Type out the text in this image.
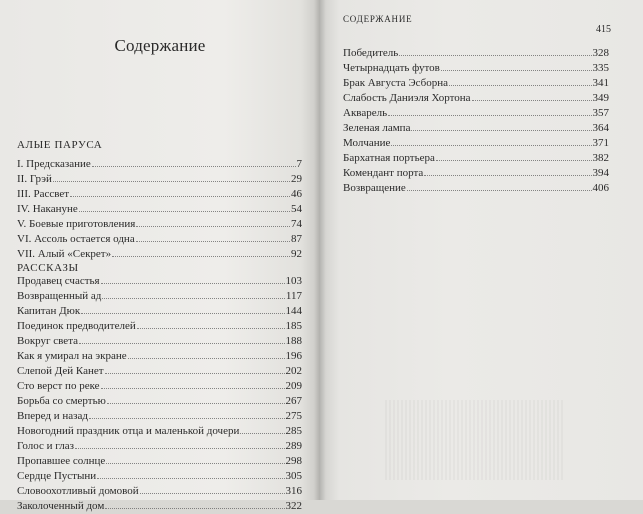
Содержание
АЛЫЕ ПАРУСА
I. Предсказание	7
II. Грэй	29
III. Рассвет	46
IV. Накануне	54
V. Боевые приготовления	74
VI. Ассоль остается одна	87
VII. Алый «Секрет»	92
РАССКАЗЫ
Продавец счастья	103
Возвращенный ад	117
Капитан Дюк	144
Поединок предводителей	185
Вокруг света	188
Как я умирал на экране	196
Слепой Дей Канет	202
Сто верст по реке	209
Борьба со смертью	267
Вперед и назад	275
Новогодний праздник отца и маленькой дочери	285
Голос и глаз	289
Пропавшее солнце	298
Сердце Пустыни	305
Словоохотливый домовой	316
Заколоченный дом	322
СОДЕРЖАНИЕ
415
Победитель	328
Четырнадцать футов	335
Брак Августа Эсборна	341
Слабость Даниэля Хортона	349
Акварель	357
Зеленая лампа	364
Молчание	371
Бархатная портьера	382
Комендант порта	394
Возвращение	406
